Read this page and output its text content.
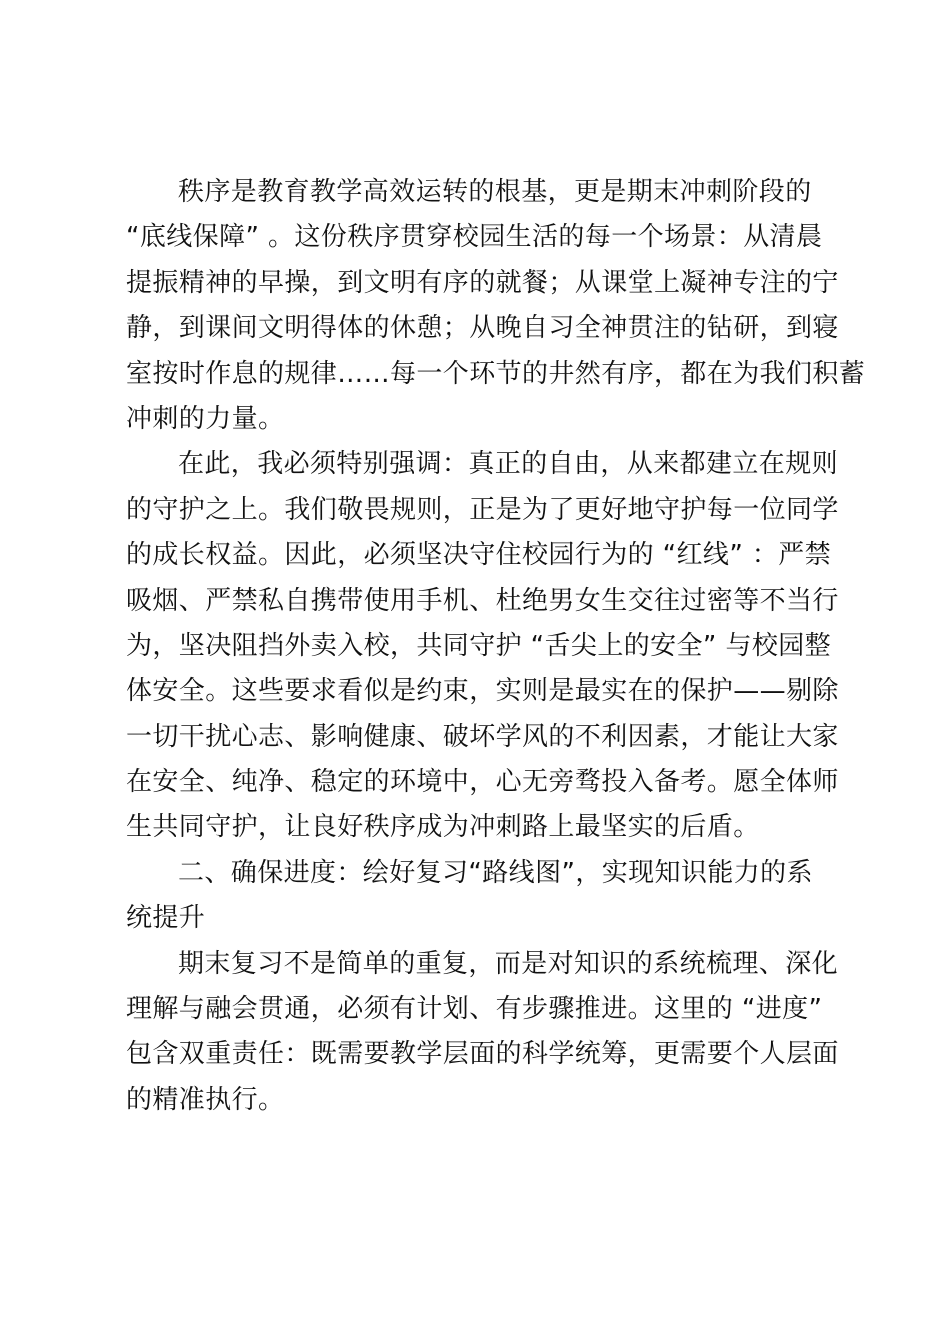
秩序是教育教学高效运转的根基，更是期末冲刺阶段的
“底线保障” 。这份秩序贯穿校园生活的每一个场景：从清晨
提振精神的早操，到文明有序的就餐；从课堂上凝神专注的宁
静，到课间文明得体的休憩；从晚自习全神贯注的钻研，到寝
室按时作息的规律……每一个环节的井然有序，都在为我们积蓄
冲刺的力量。
在此，我必须特别强调：真正的自由，从来都建立在规则
的守护之上。我们敬畏规则，正是为了更好地守护每一位同学
的成长权益。因此，必须坚决守住校园行为的 “红线” ：严禁
吸烟、严禁私自携带使用手机、杜绝男女生交往过密等不当行
为，坚决阻挡外卖入校，共同守护 “舌尖上的安全” 与校园整
体安全。这些要求看似是约束，实则是最实在的保护——剔除
一切干扰心志、影响健康、破坏学风的不利因素，才能让大家
在安全、纯净、稳定的环境中，心无旁骛投入备考。愿全体师
生共同守护，让良好秩序成为冲刺路上最坚实的后盾。
二、确保进度：绘好复习“路线图”，实现知识能力的系
统提升
期末复习不是简单的重复，而是对知识的系统梳理、深化
理解与融会贯通，必须有计划、有步骤推进。这里的 “进度”
包含双重责任：既需要教学层面的科学统筹，更需要个人层面
的精准执行。
